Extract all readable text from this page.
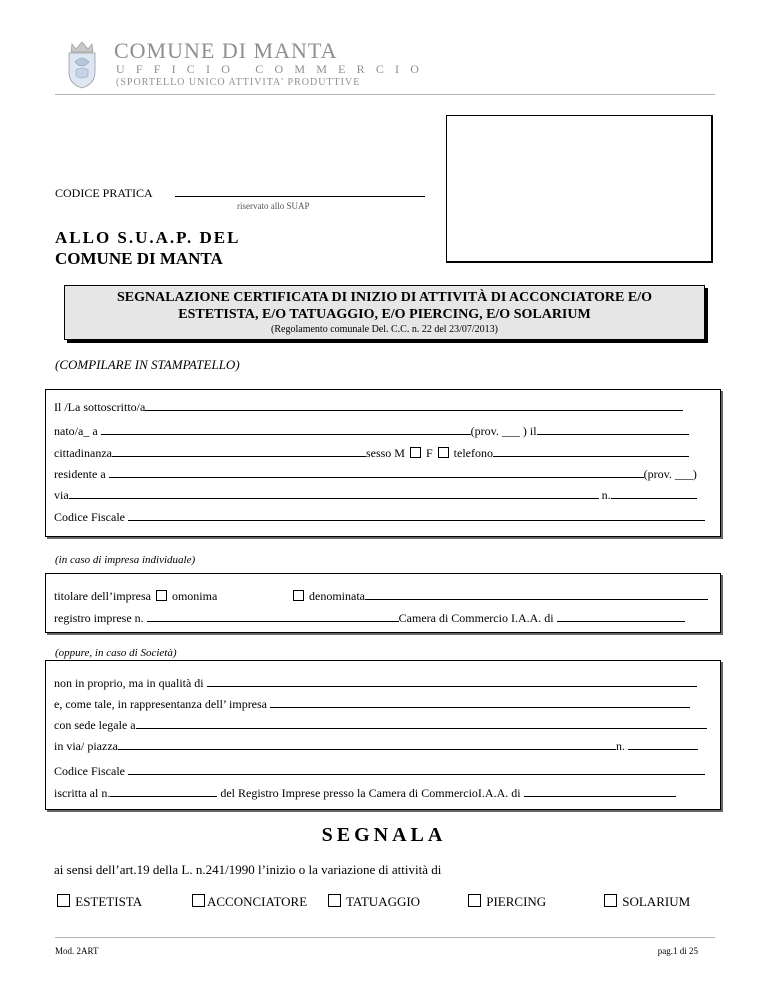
COMUNE DI MANTA
UFFICIO COMMERCIO
(SPORTELLO UNICO ATTIVITA' PRODUTTIVE
CODICE PRATICA
riservato allo SUAP
ALLO S.U.A.P. DEL
COMUNE DI MANTA
SEGNALAZIONE CERTIFICATA DI INIZIO DI ATTIVITÀ DI ACCONCIATORE E/O
ESTETISTA, E/O TATUAGGIO, E/O PIERCING, E/O SOLARIUM
(Regolamento comunale Del. C.C. n. 22 del 23/07/2013)
(COMPILARE IN STAMPATELLO)
Il /La sottoscritto/a
nato/a_ a	(prov. ___ ) il
cittadinanza	sesso M F telefono
residente a	(prov. ___)
via	n.
Codice Fiscale
(in caso di impresa individuale)
titolare dell’impresa omonima	denominata
registro imprese n.	Camera di Commercio I.A.A. di
(oppure, in caso di Società)
non in proprio, ma in qualità di
e, come tale, in rappresentanza dell’ impresa
con sede legale a
in via/ piazza	n.
Codice Fiscale
iscritta al n.	del Registro Imprese presso la Camera di CommercioI.A.A. di
SEGNALA
ai sensi dell’art.19 della L. n.241/1990 l’inizio o la variazione di attività di
ESTETISTA	ACCONCIATORE	TATUAGGIO	PIERCING	SOLARIUM
Mod. 2ART	pag.1 di 25
